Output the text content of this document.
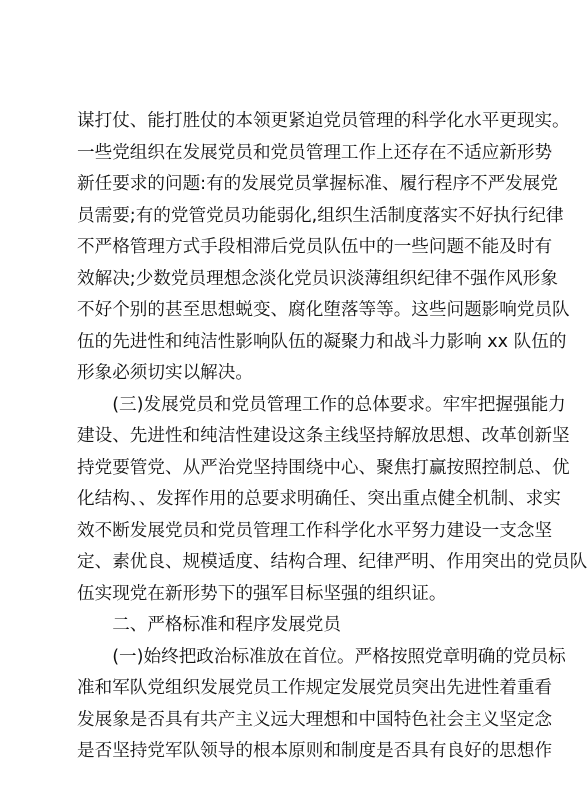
谋打仗、能打胜仗的本领更紧迫党员管理的科学化水平更现实。
一些党组织在发展党员和党员管理工作上还存在不适应新形势
新任要求的问题:有的发展党员掌握标准、履行程序不严发展党
员需要;有的党管党员功能弱化,组织生活制度落实不好执行纪律
不严格管理方式手段相滞后党员队伍中的一些问题不能及时有
效解决;少数党员理想念淡化党员识淡薄组织纪律不强作风形象
不好个别的甚至思想蜕变、腐化堕落等等。这些问题影响党员队
伍的先进性和纯洁性影响队伍的凝聚力和战斗力影响 xx 队伍的
形象必须切实以解决。
(三)发展党员和党员管理工作的总体要求。牢牢把握强能力
建设、先进性和纯洁性建设这条主线坚持解放思想、改革创新坚
持党要管党、从严治党坚持围绕中心、聚焦打赢按照控制总、优
化结构、、发挥作用的总要求明确任、突出重点健全机制、求实
效不断发展党员和党员管理工作科学化水平努力建设一支念坚
定、素优良、规模适度、结构合理、纪律严明、作用突出的党员队
伍实现党在新形势下的强军目标坚强的组织证。
二、严格标准和程序发展党员
(一)始终把政治标准放在首位。严格按照党章明确的党员标
准和军队党组织发展党员工作规定发展党员突出先进性着重看
发展象是否具有共产主义远大理想和中国特色社会主义坚定念
是否坚持党军队领导的根本原则和制度是否具有良好的思想作
